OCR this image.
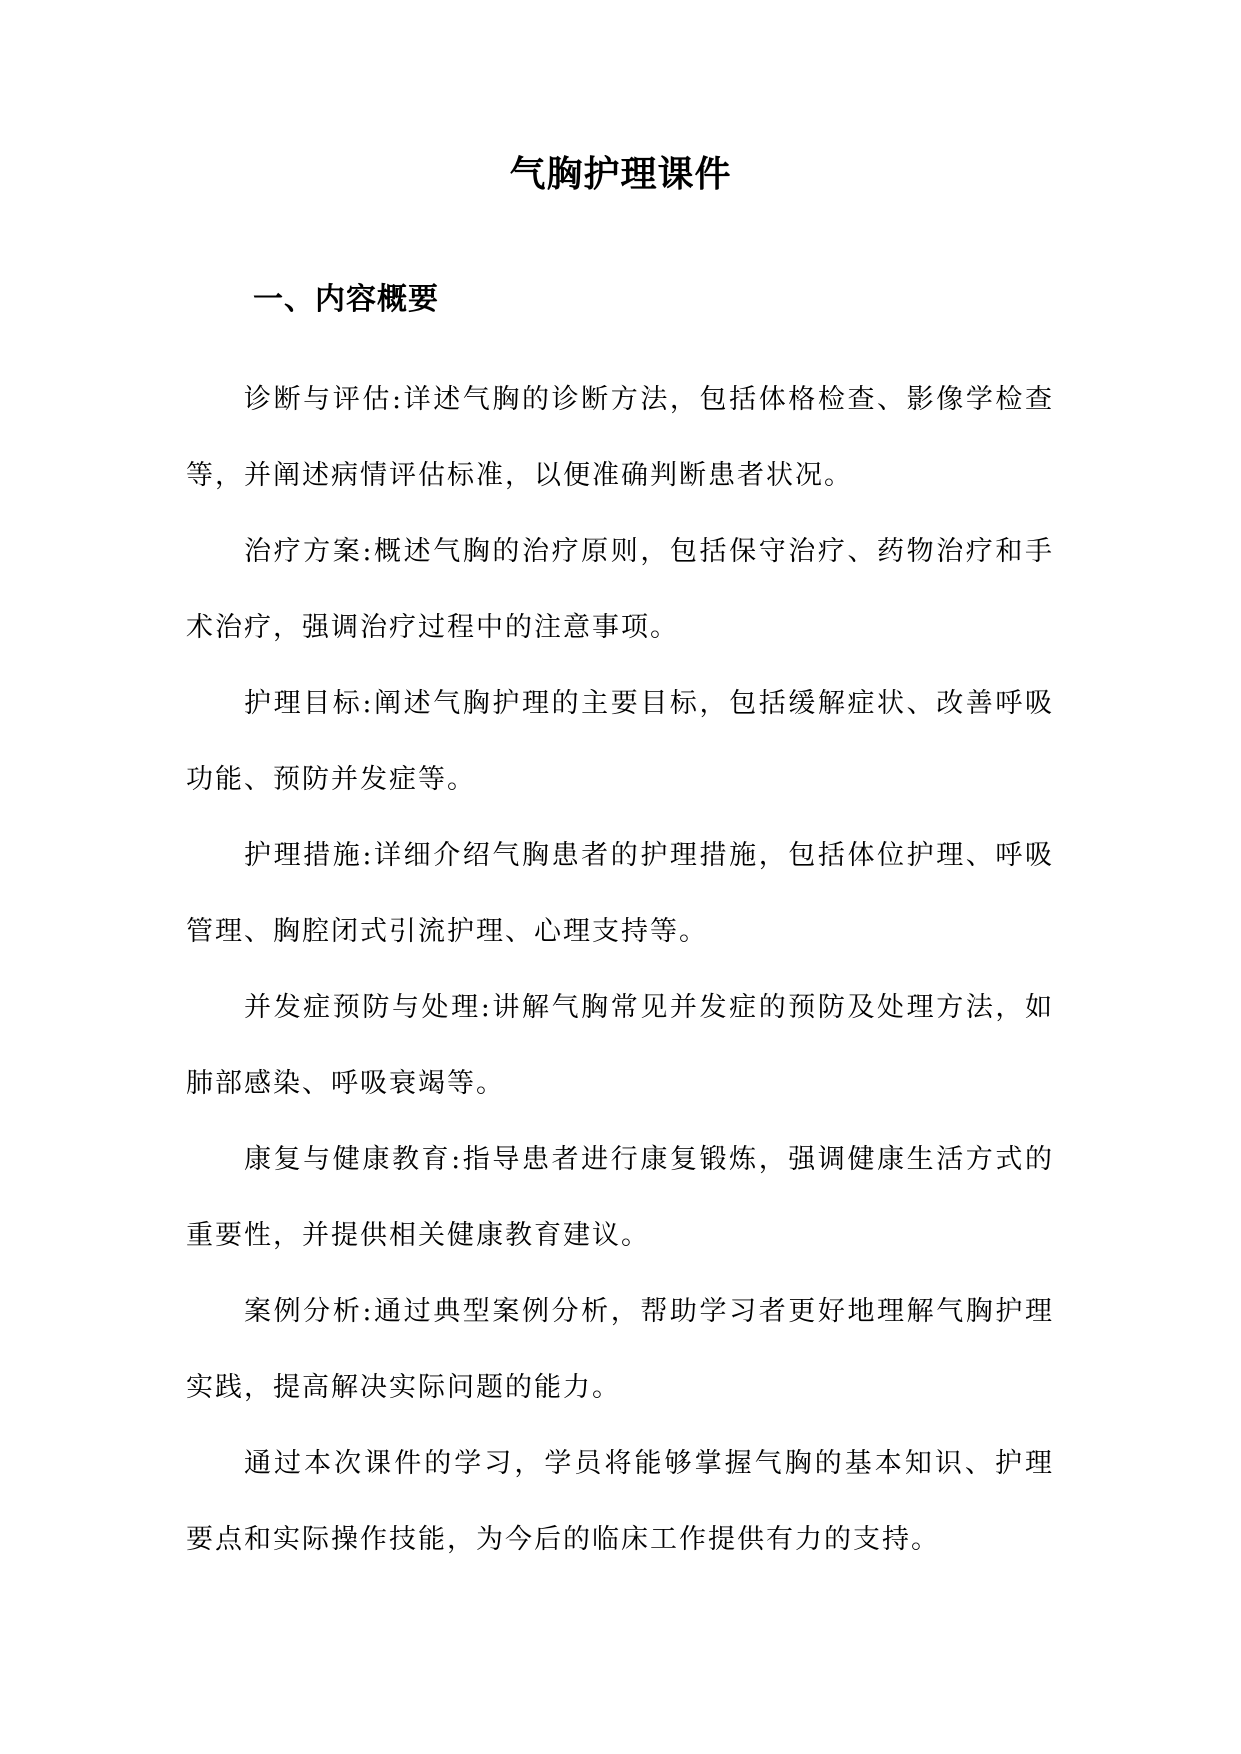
气胸护理课件
一、内容概要

诊断与评估:详述气胸的诊断方法，包括体格检查、影像学检查等，并阐述病情评估标准，以便准确判断患者状况。

治疗方案:概述气胸的治疗原则，包括保守治疗、药物治疗和手术治疗，强调治疗过程中的注意事项。

护理目标:阐述气胸护理的主要目标，包括缓解症状、改善呼吸功能、预防并发症等。

护理措施:详细介绍气胸患者的护理措施，包括体位护理、呼吸管理、胸腔闭式引流护理、心理支持等。

并发症预防与处理:讲解气胸常见并发症的预防及处理方法，如肺部感染、呼吸衰竭等。

康复与健康教育:指导患者进行康复锻炼，强调健康生活方式的重要性，并提供相关健康教育建议。

案例分析:通过典型案例分析，帮助学习者更好地理解气胸护理实践，提高解决实际问题的能力。

通过本次课件的学习，学员将能够掌握气胸的基本知识、护理要点和实际操作技能，为今后的临床工作提供有力的支持。
